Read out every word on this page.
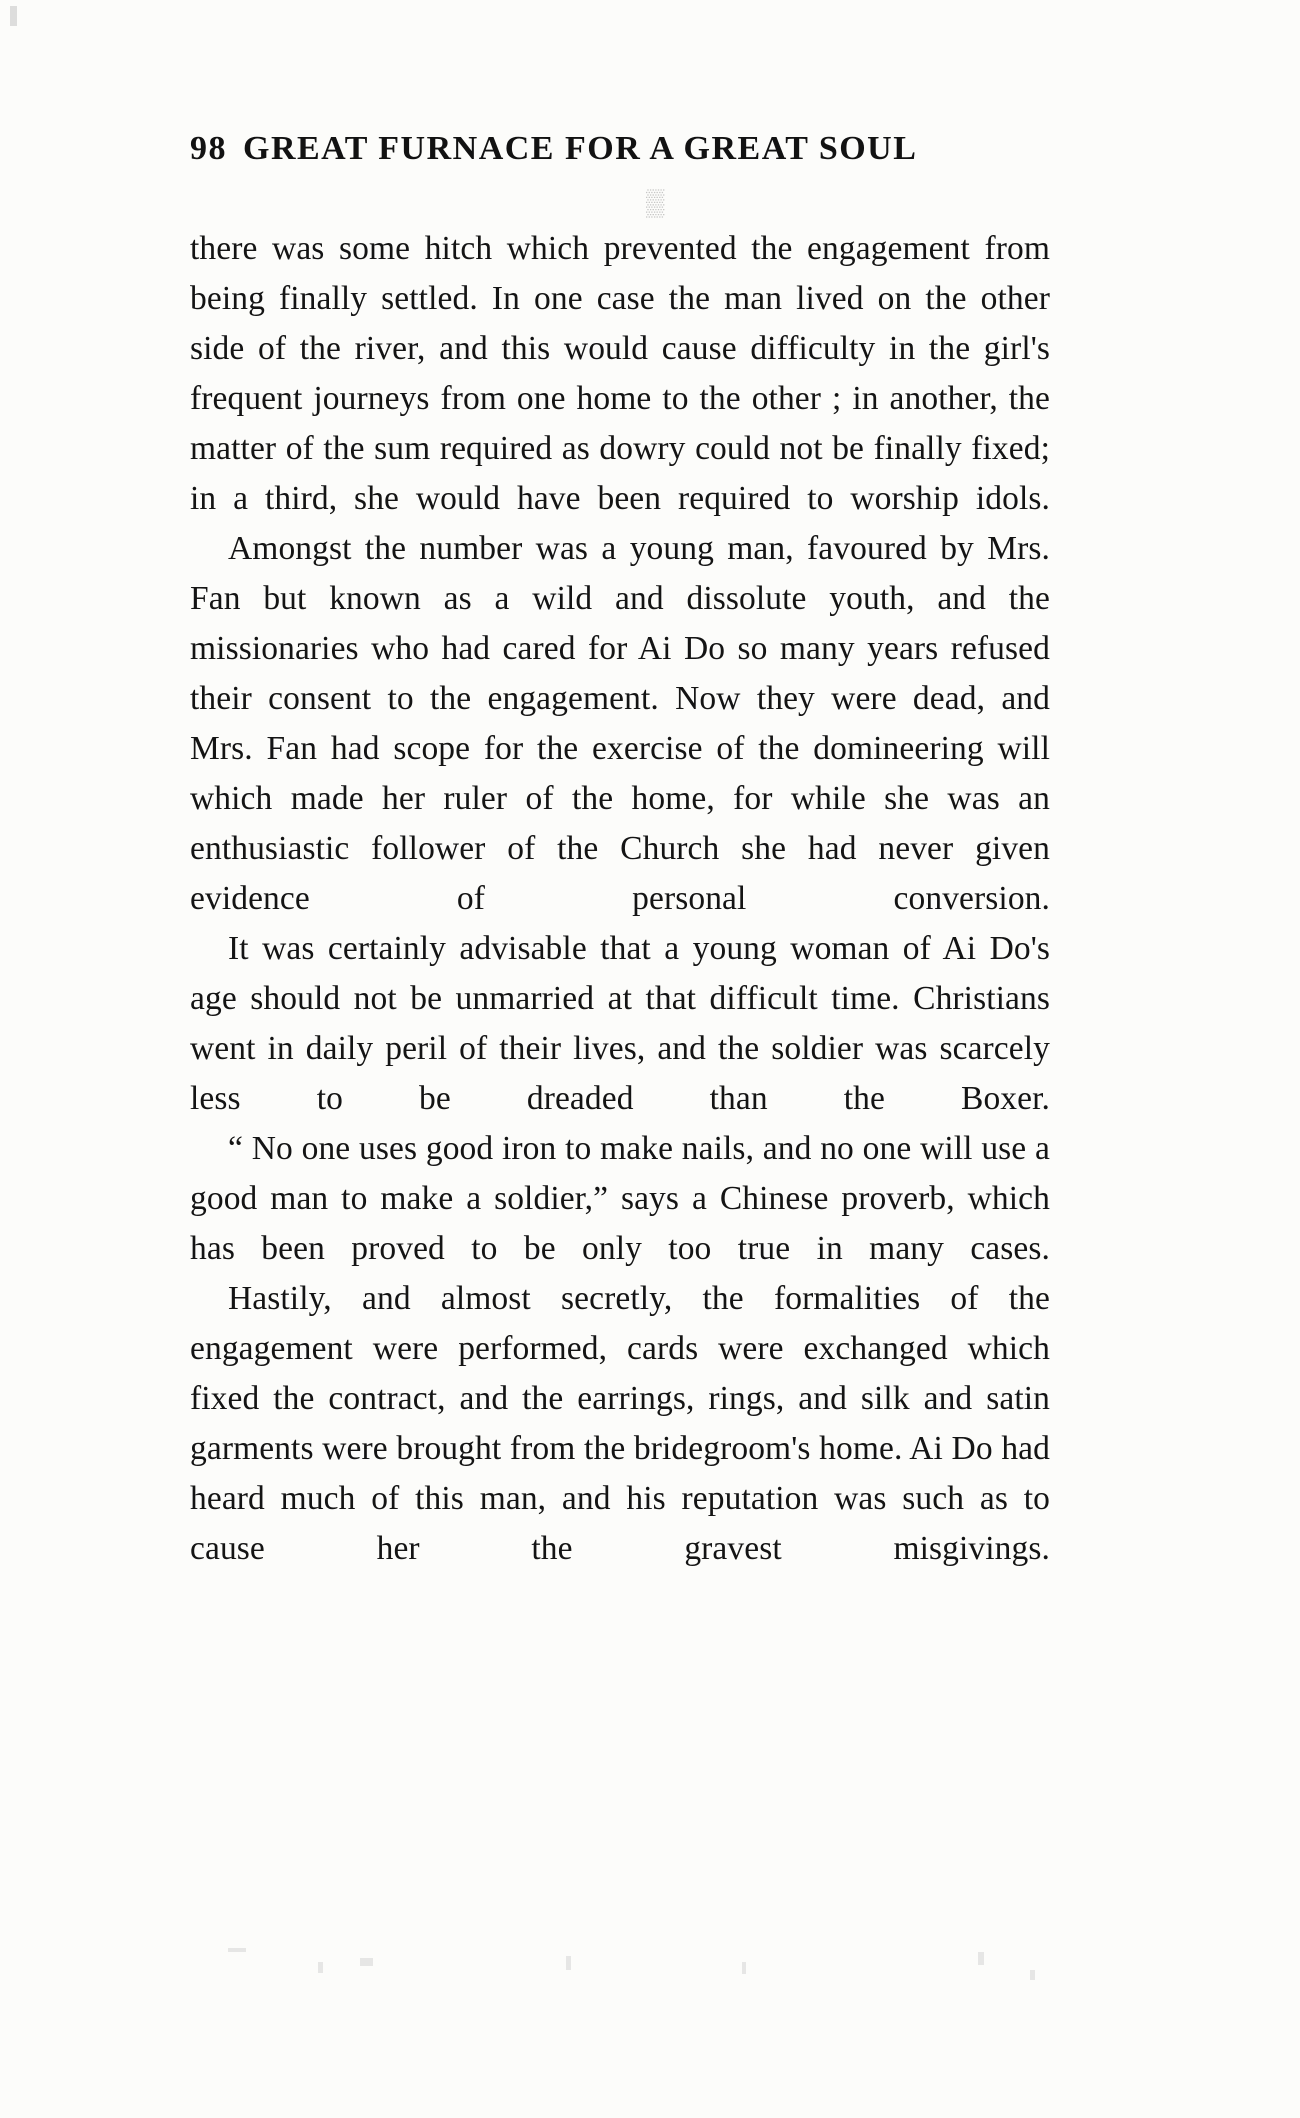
▒
98 GREAT FURNACE FOR A GREAT SOUL

there was some hitch which prevented the engagement from being finally settled. In one case the man lived on the other side of the river, and this would cause difficulty in the girl's frequent journeys from one home to the other ; in another, the matter of the sum required as dowry could not be finally fixed; in a third, she would have been required to worship idols.

Amongst the number was a young man, favoured by Mrs. Fan but known as a wild and dissolute youth, and the missionaries who had cared for Ai Do so many years refused their consent to the engagement. Now they were dead, and Mrs. Fan had scope for the exercise of the domineering will which made her ruler of the home, for while she was an enthusiastic follower of the Church she had never given evidence of personal conversion.

It was certainly advisable that a young woman of Ai Do's age should not be unmarried at that difficult time. Christians went in daily peril of their lives, and the soldier was scarcely less to be dreaded than the Boxer.

“ No one uses good iron to make nails, and no one will use a good man to make a soldier,” says a Chinese proverb, which has been proved to be only too true in many cases.

Hastily, and almost secretly, the formalities of the engagement were performed, cards were exchanged which fixed the contract, and the earrings, rings, and silk and satin garments were brought from the bridegroom's home. Ai Do had heard much of this man, and his reputation was such as to cause her the gravest misgivings.
